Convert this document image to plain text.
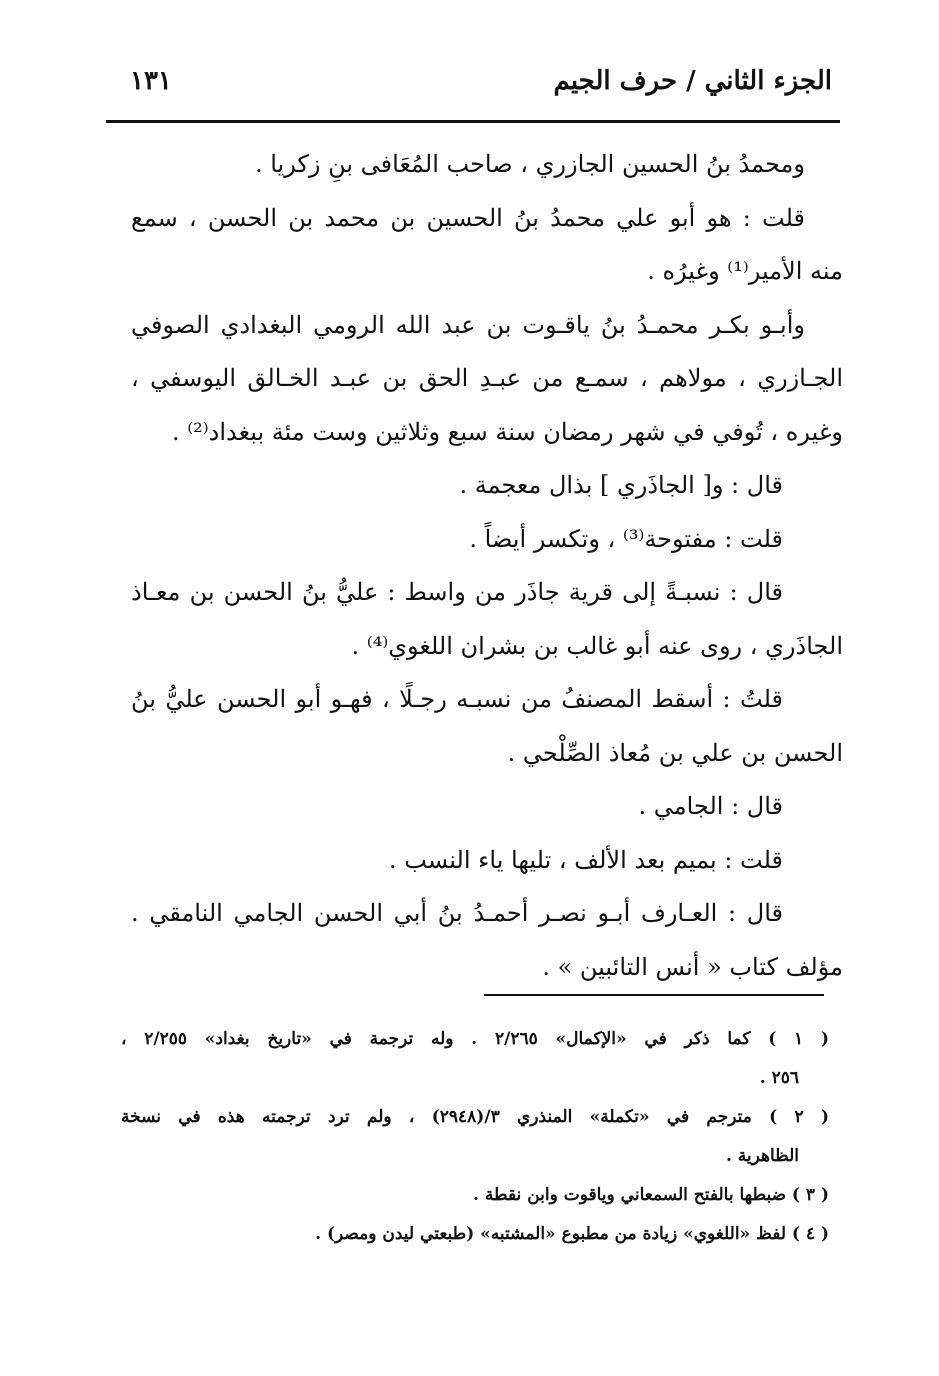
الجزء الثاني / حرف الجيم
١٣١
ومحمدُ بنُ الحسين الجازري ، صاحب المُعَافى بنِ زكريا .
قلت : هو أبو علي محمدُ بنُ الحسين بن محمد بن الحسن ، سمع
منه الأمير⁽¹⁾ وغيرُه .
وأبـو بكـر محمـدُ بنُ ياقـوت بن عبد الله الرومي البغدادي الصوفي
الجـازري ، مولاهم ، سمـع من عبـدِ الحق بن عبـد الخـالق اليوسفي ،
وغيره ، تُوفي في شهر رمضان سنة سبع وثلاثين وست مئة ببغداد⁽²⁾ .
قال : و[ الجاذَري ] بذال معجمة .
قلت : مفتوحة⁽³⁾ ، وتكسر أيضاً .
قال : نسبـةً إلى قرية جاذَر من واسط : عليُّ بنُ الحسن بن معـاذ
الجاذَري ، روى عنه أبو غالب بن بشران اللغوي⁽⁴⁾ .
قلتُ : أسقط المصنفُ من نسبـه رجـلًا ، فهـو أبو الحسن عليُّ بنُ
الحسن بن علي بن مُعاذ الصِّلْحي .
قال : الجامي .
قلت : بميم بعد الألف ، تليها ياء النسب .
قال : العـارف أبـو نصـر أحمـدُ بنُ أبي الحسن الجامي النامقي .
مؤلف كتاب « أنس التائبين » .
( ١ ) كما ذكر في «الإكمال» ٢/٢٦٥ . وله ترجمة في «تاريخ بغداد» ٢/٢٥٥ ،
٢٥٦ .
( ٢ ) مترجم في «تكملة» المنذري ٣/(٢٩٤٨) ، ولم ترد ترجمته هذه في نسخة
الظاهرية .
( ٣ ) ضبطها بالفتح السمعاني وياقوت وابن نقطة .
( ٤ ) لفظ «اللغوي» زيادة من مطبوع «المشتبه» (طبعتي ليدن ومصر) .
